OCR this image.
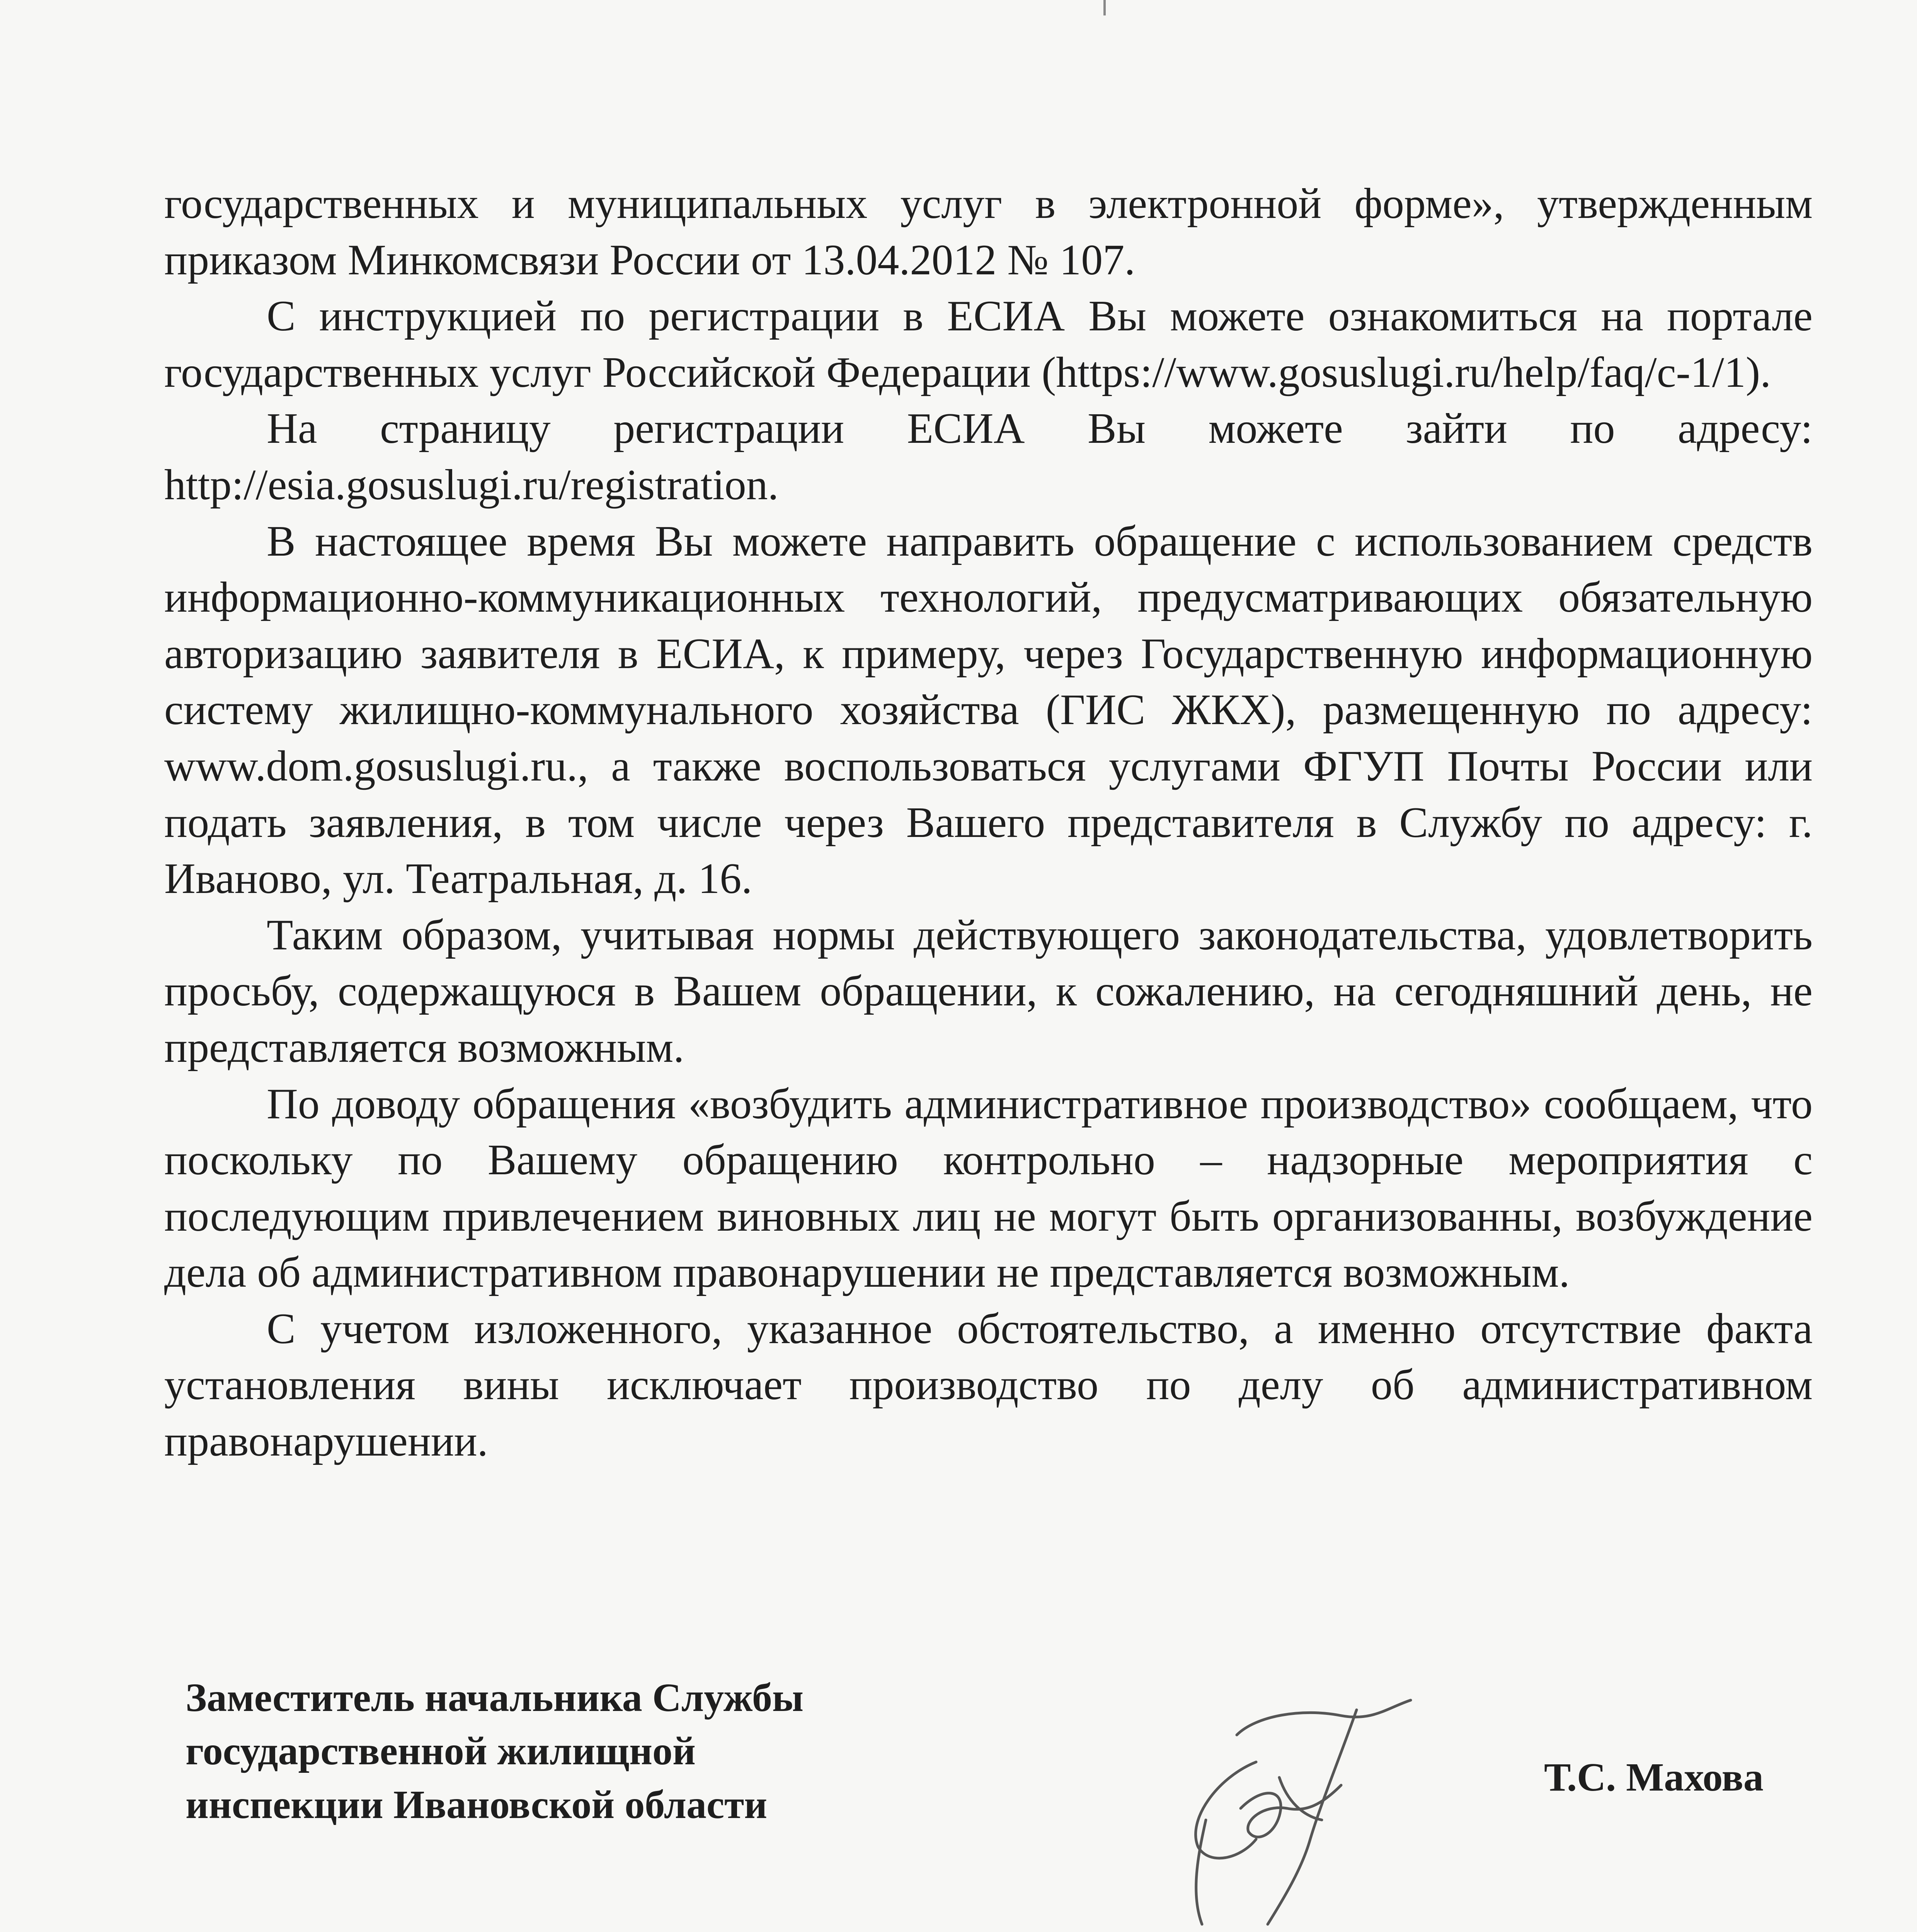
государственных и муниципальных услуг в электронной форме», утвержденным приказом Минкомсвязи России от 13.04.2012 № 107.

С инструкцией по регистрации в ЕСИА Вы можете ознакомиться на портале государственных услуг Российской Федерации (https://www.gosuslugi.ru/help/faq/c-1/1).

На страницу регистрации ЕСИА Вы можете зайти по адресу: http://esia.gosuslugi.ru/registration.

В настоящее время Вы можете направить обращение с использованием средств информационно-коммуникационных технологий, предусматривающих обязательную авторизацию заявителя в ЕСИА, к примеру, через Государственную информационную систему жилищно-коммунального хозяйства (ГИС ЖКХ), размещенную по адресу: www.dom.gosuslugi.ru., а также воспользоваться услугами ФГУП Почты России или подать заявления, в том числе через Вашего представителя в Службу по адресу: г. Иваново, ул. Театральная, д. 16.

Таким образом, учитывая нормы действующего законодательства, удовлетворить просьбу, содержащуюся в Вашем обращении, к сожалению, на сегодняшний день, не представляется возможным.

По доводу обращения «возбудить административное производство» сообщаем, что поскольку по Вашему обращению контрольно – надзорные мероприятия с последующим привлечением виновных лиц не могут быть организованны, возбуждение дела об административном правонарушении не представляется возможным.

С учетом изложенного, указанное обстоятельство, а именно отсутствие факта установления вины исключает производство по делу об административном правонарушении.

Заместитель начальника Службы
государственной жилищной
инспекции Ивановской области
Т.С. Махова
